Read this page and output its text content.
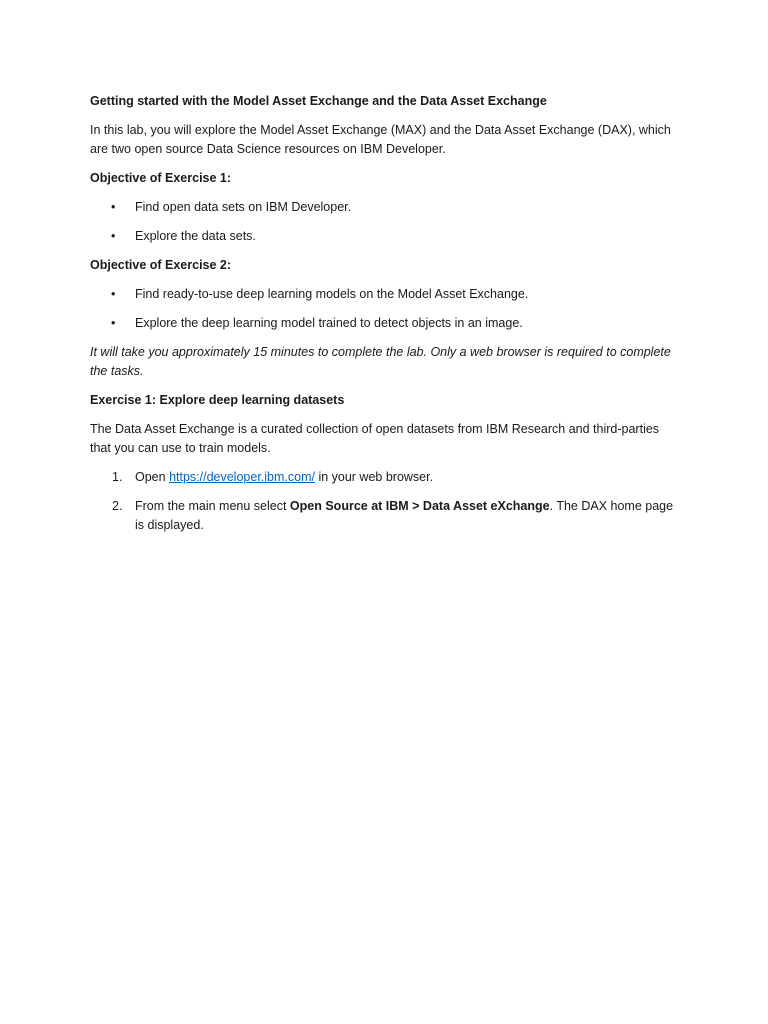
Getting started with the Model Asset Exchange and the Data Asset Exchange

In this lab, you will explore the Model Asset Exchange (MAX) and the Data Asset Exchange (DAX), which are two open source Data Science resources on IBM Developer.

Objective of Exercise 1:

• Find open data sets on IBM Developer.
• Explore the data sets.

Objective of Exercise 2:

• Find ready-to-use deep learning models on the Model Asset Exchange.
• Explore the deep learning model trained to detect objects in an image.

It will take you approximately 15 minutes to complete the lab. Only a web browser is required to complete the tasks.

Exercise 1: Explore deep learning datasets

The Data Asset Exchange is a curated collection of open datasets from IBM Research and third-parties that you can use to train models.

1. Open https://developer.ibm.com/ in your web browser.
2. From the main menu select Open Source at IBM > Data Asset eXchange. The DAX home page is displayed.
